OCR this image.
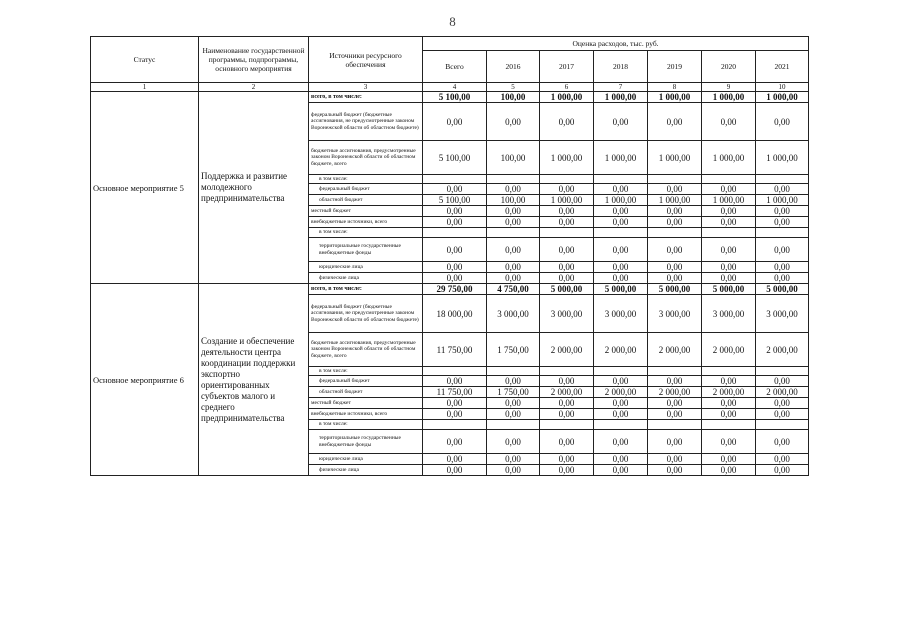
8
Статус	Наименование государственной программы, подпрограммы, основного мероприятия	Источники ресурсного обеспечения	Оценка расходов, тыс. руб.						
			Всего	2016	2017	2018	2019	2020	2021
1	2	3	4	5	6	7	8	9	10
Основное мероприятие 5	Поддержка и развитие молодежного предпринимательства	всего, в том числе:	5 100,00	100,00	1 000,00	1 000,00	1 000,00	1 000,00	1 000,00
		федеральный бюджет (бюджетные ассигнования, не предусмотренные законом Воронежской области об областном бюджете)	0,00	0,00	0,00	0,00	0,00	0,00	0,00
		бюджетные ассигнования, предусмотренные законом Воронежской области об областном бюджете, всего	5 100,00	100,00	1 000,00	1 000,00	1 000,00	1 000,00	1 000,00
		в том числе:							
		федеральный бюджет	0,00	0,00	0,00	0,00	0,00	0,00	0,00
		областной бюджет	5 100,00	100,00	1 000,00	1 000,00	1 000,00	1 000,00	1 000,00
		местный бюджет	0,00	0,00	0,00	0,00	0,00	0,00	0,00
		внебюджетные источники, всего	0,00	0,00	0,00	0,00	0,00	0,00	0,00
		в том числе:							
		территориальные государственные внебюджетные фонды	0,00	0,00	0,00	0,00	0,00	0,00	0,00
		юридические лица	0,00	0,00	0,00	0,00	0,00	0,00	0,00
		физические лица	0,00	0,00	0,00	0,00	0,00	0,00	0,00
Основное мероприятие 6	Создание и обеспечение деятельности центра координации поддержки экспортно ориентированных субъектов малого и среднего предпринимательства	всего, в том числе:	29 750,00	4 750,00	5 000,00	5 000,00	5 000,00	5 000,00	5 000,00
		федеральный бюджет (бюджетные ассигнования, не предусмотренные законом Воронежской области об областном бюджете)	18 000,00	3 000,00	3 000,00	3 000,00	3 000,00	3 000,00	3 000,00
		бюджетные ассигнования, предусмотренные законом Воронежской области об областном бюджете, всего	11 750,00	1 750,00	2 000,00	2 000,00	2 000,00	2 000,00	2 000,00
		в том числе:							
		федеральный бюджет	0,00	0,00	0,00	0,00	0,00	0,00	0,00
		областной бюджет	11 750,00	1 750,00	2 000,00	2 000,00	2 000,00	2 000,00	2 000,00
		местный бюджет	0,00	0,00	0,00	0,00	0,00	0,00	0,00
		внебюджетные источники, всего	0,00	0,00	0,00	0,00	0,00	0,00	0,00
		в том числе:							
		территориальные государственные внебюджетные фонды	0,00	0,00	0,00	0,00	0,00	0,00	0,00
		юридические лица	0,00	0,00	0,00	0,00	0,00	0,00	0,00
		физические лица	0,00	0,00	0,00	0,00	0,00	0,00	0,00
